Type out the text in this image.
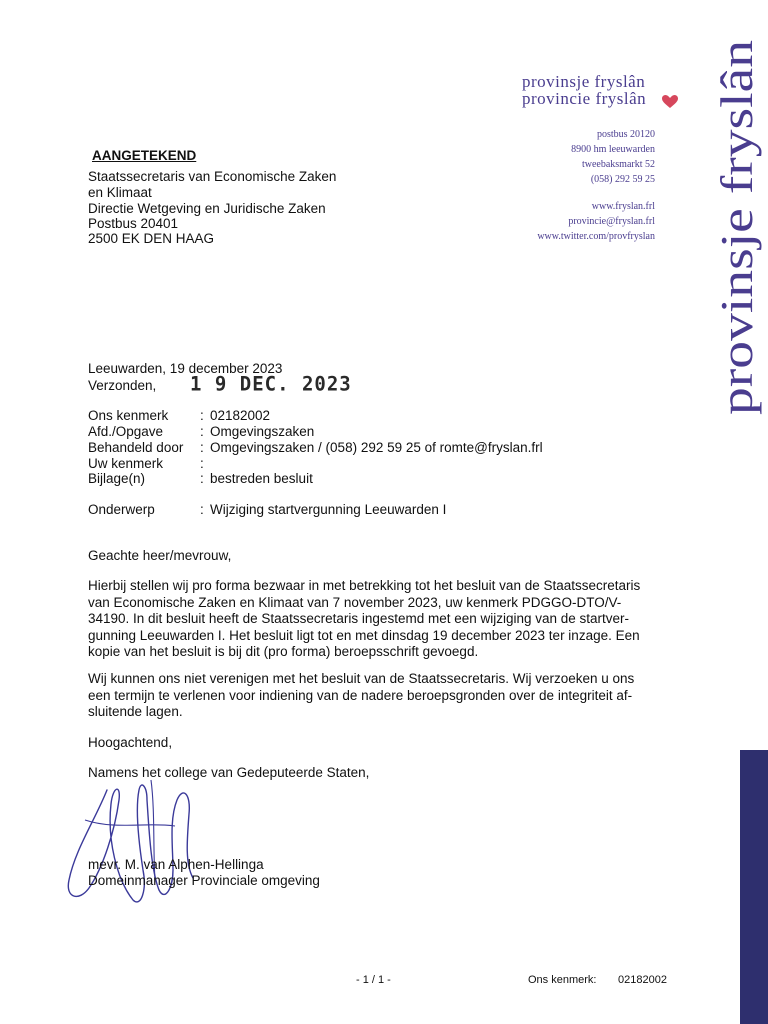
provinsje fryslân
provincie fryslân
postbus 20120
8900 hm leeuwarden
tweebaksmarkt 52
(058) 292 59 25
www.fryslan.frl
provincie@fryslan.frl
www.twitter.com/provfryslan provinsje fryslân
AANGETEKEND
Staatssecretaris van Economische Zaken
en Klimaat
Directie Wetgeving en Juridische Zaken
Postbus 20401
2500 EK DEN HAAG
Leeuwarden, 19 december 2023
Verzonden, 1 9 DEC. 2023
Ons kenmerk : 02182002
Afd./Opgave	: Omgevingszaken
Behandeld door : Omgevingszaken / (058) 292 59 25 of romte@fryslan.frl
Uw kenmerk	:
Bijlage(n)	: bestreden besluit
Onderwerp	: Wijziging startvergunning Leeuwarden I
Geachte heer/mevrouw,
Hierbij stellen wij pro forma bezwaar in met betrekking tot het besluit van de Staatssecretaris
van Economische Zaken en Klimaat van 7 november 2023, uw kenmerk PDGGO-DTO/V-
34190. In dit besluit heeft de Staatssecretaris ingestemd met een wijziging van de startver-
gunning Leeuwarden I. Het besluit ligt tot en met dinsdag 19 december 2023 ter inzage. Een
kopie van het besluit is bij dit (pro forma) beroepsschrift gevoegd.
Wij kunnen ons niet verenigen met het besluit van de Staatssecretaris. Wij verzoeken u ons
een termijn te verlenen voor indiening van de nadere beroepsgronden over de integriteit af-
sluitende lagen.
Hoogachtend,
Namens het college van Gedeputeerde Staten,
mevr. M. van Alphen-Hellinga
Domeinmanager Provinciale omgeving
- 1 / 1 -	Ons kenmerk: 02182002
